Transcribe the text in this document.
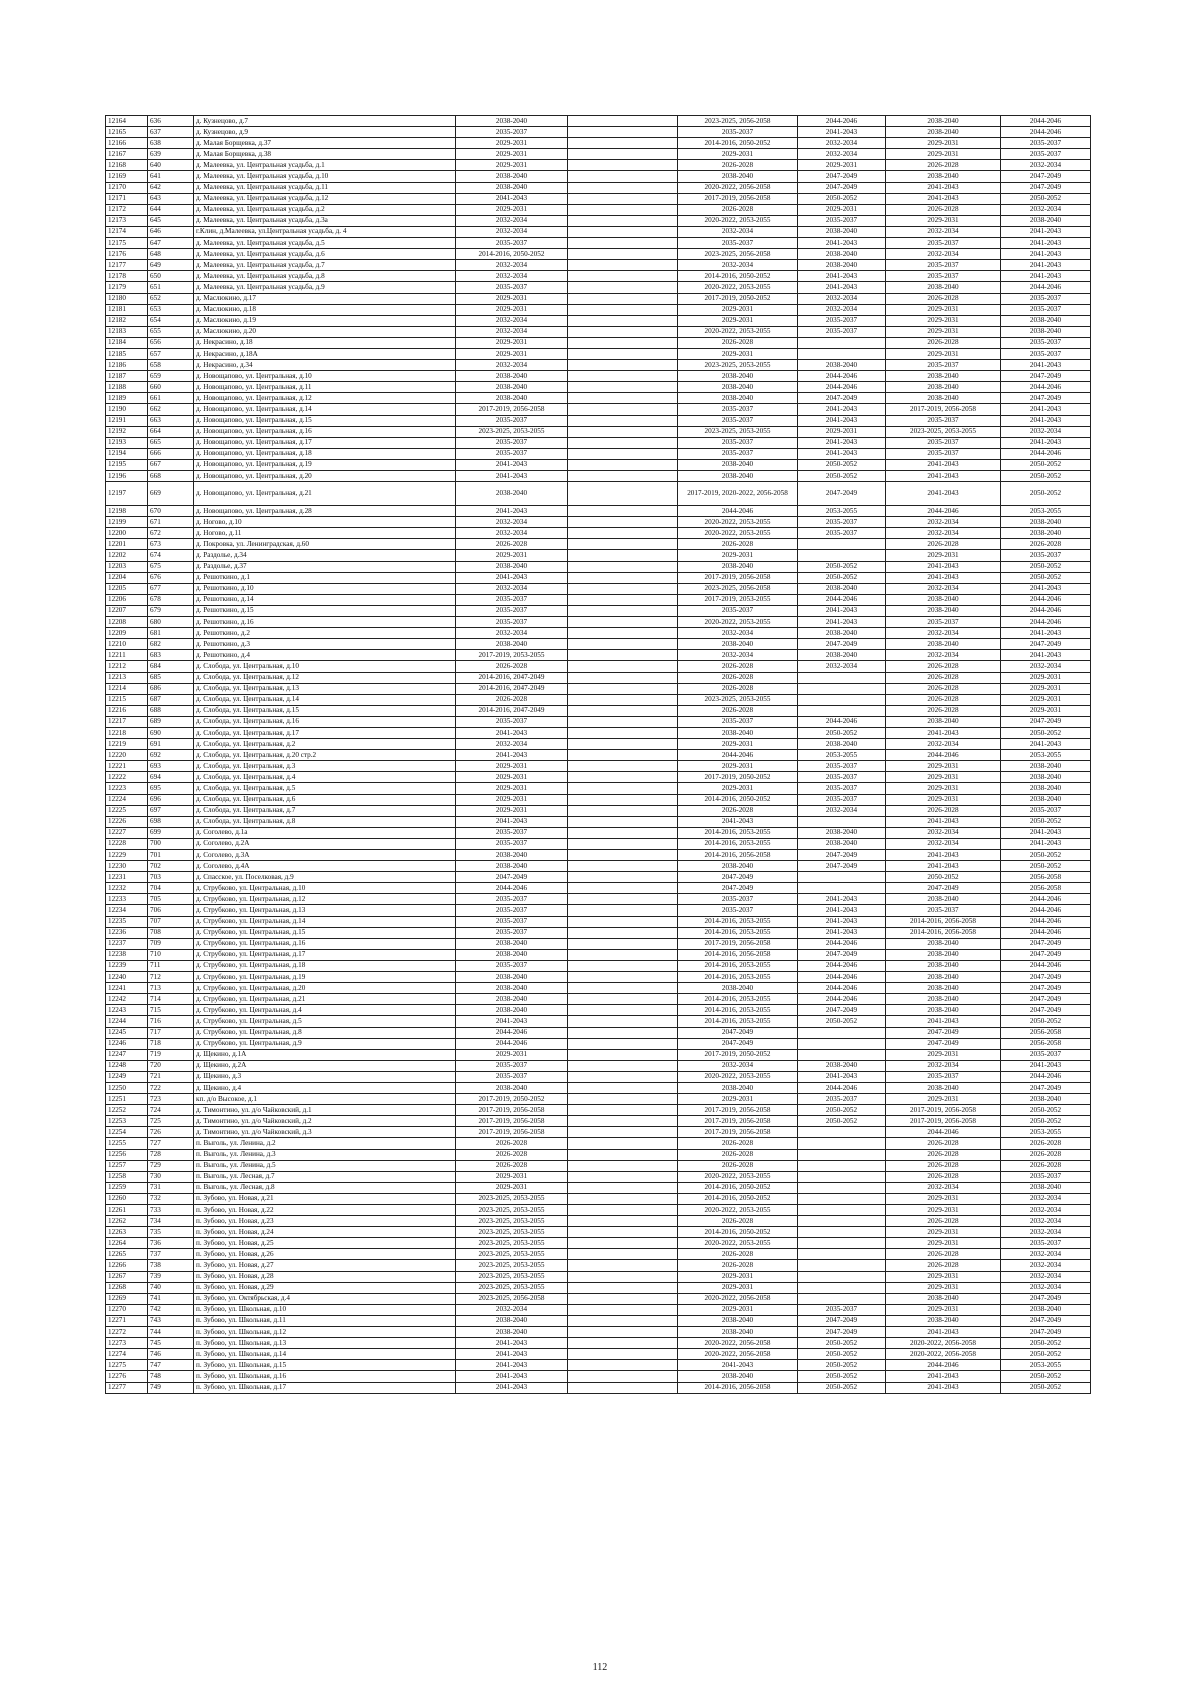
12164	636	д. Кузнецово, д.7	2038-2040		2023-2025, 2056-2058	2044-2046	2038-2040	2044-2046
12165	637	д. Кузнецово, д.9	2035-2037		2035-2037	2041-2043	2038-2040	2044-2046
12166	638	д. Малая Борщевка, д.37	2029-2031		2014-2016, 2050-2052	2032-2034	2029-2031	2035-2037
12167	639	д. Малая Борщевка, д.38	2029-2031		2029-2031	2032-2034	2029-2031	2035-2037
12168	640	д. Малеевка, ул. Центральная усадьба, д.1	2029-2031		2026-2028	2029-2031	2026-2028	2032-2034
12169	641	д. Малеевка, ул. Центральная усадьба, д.10	2038-2040		2038-2040	2047-2049	2038-2040	2047-2049
12170	642	д. Малеевка, ул. Центральная усадьба, д.11	2038-2040		2020-2022, 2056-2058	2047-2049	2041-2043	2047-2049
12171	643	д. Малеевка, ул. Центральная усадьба, д.12	2041-2043		2017-2019, 2056-2058	2050-2052	2041-2043	2050-2052
12172	644	д. Малеевка, ул. Центральная усадьба, д.2	2029-2031		2026-2028	2029-2031	2026-2028	2032-2034
12173	645	д. Малеевка, ул. Центральная усадьба, д.3а	2032-2034		2020-2022, 2053-2055	2035-2037	2029-2031	2038-2040
12174	646	г.Клин, д.Малеевка, ул.Центральная усадьба, д. 4	2032-2034		2032-2034	2038-2040	2032-2034	2041-2043
12175	647	д. Малеевка, ул. Центральная усадьба, д.5	2035-2037		2035-2037	2041-2043	2035-2037	2041-2043
12176	648	д. Малеевка, ул. Центральная усадьба, д.6	2014-2016, 2050-2052		2023-2025, 2056-2058	2038-2040	2032-2034	2041-2043
12177	649	д. Малеевка, ул. Центральная усадьба, д.7	2032-2034		2032-2034	2038-2040	2035-2037	2041-2043
12178	650	д. Малеевка, ул. Центральная усадьба, д.8	2032-2034		2014-2016, 2050-2052	2041-2043	2035-2037	2041-2043
12179	651	д. Малеевка, ул. Центральная усадьба, д.9	2035-2037		2020-2022, 2053-2055	2041-2043	2038-2040	2044-2046
12180	652	д. Маслюкино, д.17	2029-2031		2017-2019, 2050-2052	2032-2034	2026-2028	2035-2037
12181	653	д. Маслюкино, д.18	2029-2031		2029-2031	2032-2034	2029-2031	2035-2037
12182	654	д. Маслюкино, д.19	2032-2034		2029-2031	2035-2037	2029-2031	2038-2040
12183	655	д. Маслюкино, д.20	2032-2034		2020-2022, 2053-2055	2035-2037	2029-2031	2038-2040
12184	656	д. Некрасино, д.18	2029-2031		2026-2028		2026-2028	2035-2037
12185	657	д. Некрасино, д.18А	2029-2031		2029-2031		2029-2031	2035-2037
12186	658	д. Некрасино, д.34	2032-2034		2023-2025, 2053-2055	2038-2040	2035-2037	2041-2043
12187	659	д. Новощапово, ул. Центральная, д.10	2038-2040		2038-2040	2044-2046	2038-2040	2047-2049
12188	660	д. Новощапово, ул. Центральная, д.11	2038-2040		2038-2040	2044-2046	2038-2040	2044-2046
12189	661	д. Новощапово, ул. Центральная, д.12	2038-2040		2038-2040	2047-2049	2038-2040	2047-2049
12190	662	д. Новощапово, ул. Центральная, д.14	2017-2019, 2056-2058		2035-2037	2041-2043	2017-2019, 2056-2058	2041-2043
12191	663	д. Новощапово, ул. Центральная, д.15	2035-2037		2035-2037	2041-2043	2035-2037	2041-2043
12192	664	д. Новощапово, ул. Центральная, д.16	2023-2025, 2053-2055		2023-2025, 2053-2055	2029-2031	2023-2025, 2053-2055	2032-2034
12193	665	д. Новощапово, ул. Центральная, д.17	2035-2037		2035-2037	2041-2043	2035-2037	2041-2043
12194	666	д. Новощапово, ул. Центральная, д.18	2035-2037		2035-2037	2041-2043	2035-2037	2044-2046
12195	667	д. Новощапово, ул. Центральная, д.19	2041-2043		2038-2040	2050-2052	2041-2043	2050-2052
12196	668	д. Новощапово, ул. Центральная, д.20	2041-2043		2038-2040	2050-2052	2041-2043	2050-2052
12197	669	д. Новощапово, ул. Центральная, д.21	2038-2040		2017-2019, 2020-2022, 2056-2058	2047-2049	2041-2043	2050-2052
12198	670	д. Новощапово, ул. Центральная, д.28	2041-2043		2044-2046	2053-2055	2044-2046	2053-2055
12199	671	д. Ногово, д.10	2032-2034		2020-2022, 2053-2055	2035-2037	2032-2034	2038-2040
12200	672	д. Ногово, д.11	2032-2034		2020-2022, 2053-2055	2035-2037	2032-2034	2038-2040
12201	673	д. Покровка, ул. Ленинградская, д.60	2026-2028		2026-2028		2026-2028	2026-2028
12202	674	д. Раздолье, д.34	2029-2031		2029-2031		2029-2031	2035-2037
12203	675	д. Раздолье, д.37	2038-2040		2038-2040	2050-2052	2041-2043	2050-2052
12204	676	д. Решоткино, д.1	2041-2043		2017-2019, 2056-2058	2050-2052	2041-2043	2050-2052
12205	677	д. Решоткино, д.10	2032-2034		2023-2025, 2056-2058	2038-2040	2032-2034	2041-2043
12206	678	д. Решоткино, д.14	2035-2037		2017-2019, 2053-2055	2044-2046	2038-2040	2044-2046
12207	679	д. Решоткино, д.15	2035-2037		2035-2037	2041-2043	2038-2040	2044-2046
12208	680	д. Решоткино, д.16	2035-2037		2020-2022, 2053-2055	2041-2043	2035-2037	2044-2046
12209	681	д. Решоткино, д.2	2032-2034		2032-2034	2038-2040	2032-2034	2041-2043
12210	682	д. Решоткино, д.3	2038-2040		2038-2040	2047-2049	2038-2040	2047-2049
12211	683	д. Решоткино, д.4	2017-2019, 2053-2055		2032-2034	2038-2040	2032-2034	2041-2043
12212	684	д. Слобода, ул. Центральная, д.10	2026-2028		2026-2028	2032-2034	2026-2028	2032-2034
12213	685	д. Слобода, ул. Центральная, д.12	2014-2016, 2047-2049		2026-2028		2026-2028	2029-2031
12214	686	д. Слобода, ул. Центральная, д.13	2014-2016, 2047-2049		2026-2028		2026-2028	2029-2031
12215	687	д. Слобода, ул. Центральная, д.14	2026-2028		2023-2025, 2053-2055		2026-2028	2029-2031
12216	688	д. Слобода, ул. Центральная, д.15	2014-2016, 2047-2049		2026-2028		2026-2028	2029-2031
12217	689	д. Слобода, ул. Центральная, д.16	2035-2037		2035-2037	2044-2046	2038-2040	2047-2049
12218	690	д. Слобода, ул. Центральная, д.17	2041-2043		2038-2040	2050-2052	2041-2043	2050-2052
12219	691	д. Слобода, ул. Центральная, д.2	2032-2034		2029-2031	2038-2040	2032-2034	2041-2043
12220	692	д. Слобода, ул. Центральная, д.20 стр.2	2041-2043		2044-2046	2053-2055	2044-2046	2053-2055
12221	693	д. Слобода, ул. Центральная, д.3	2029-2031		2029-2031	2035-2037	2029-2031	2038-2040
12222	694	д. Слобода, ул. Центральная, д.4	2029-2031		2017-2019, 2050-2052	2035-2037	2029-2031	2038-2040
12223	695	д. Слобода, ул. Центральная, д.5	2029-2031		2029-2031	2035-2037	2029-2031	2038-2040
12224	696	д. Слобода, ул. Центральная, д.6	2029-2031		2014-2016, 2050-2052	2035-2037	2029-2031	2038-2040
12225	697	д. Слобода, ул. Центральная, д.7	2029-2031		2026-2028	2032-2034	2026-2028	2035-2037
12226	698	д. Слобода, ул. Центральная, д.8	2041-2043		2041-2043		2041-2043	2050-2052
12227	699	д. Соголево, д.1а	2035-2037		2014-2016, 2053-2055	2038-2040	2032-2034	2041-2043
12228	700	д. Соголево, д.2А	2035-2037		2014-2016, 2053-2055	2038-2040	2032-2034	2041-2043
12229	701	д. Соголево, д.3А	2038-2040		2014-2016, 2056-2058	2047-2049	2041-2043	2050-2052
12230	702	д. Соголево, д.4А	2038-2040		2038-2040	2047-2049	2041-2043	2050-2052
12231	703	д. Спасское, ул. Поселковая, д.9	2047-2049		2047-2049		2050-2052	2056-2058
12232	704	д. Струбково, ул. Центральная, д.10	2044-2046		2047-2049		2047-2049	2056-2058
12233	705	д. Струбково, ул. Центральная, д.12	2035-2037		2035-2037	2041-2043	2038-2040	2044-2046
12234	706	д. Струбково, ул. Центральная, д.13	2035-2037		2035-2037	2041-2043	2035-2037	2044-2046
12235	707	д. Струбково, ул. Центральная, д.14	2035-2037		2014-2016, 2053-2055	2041-2043	2014-2016, 2056-2058	2044-2046
12236	708	д. Струбково, ул. Центральная, д.15	2035-2037		2014-2016, 2053-2055	2041-2043	2014-2016, 2056-2058	2044-2046
12237	709	д. Струбково, ул. Центральная, д.16	2038-2040		2017-2019, 2056-2058	2044-2046	2038-2040	2047-2049
12238	710	д. Струбково, ул. Центральная, д.17	2038-2040		2014-2016, 2056-2058	2047-2049	2038-2040	2047-2049
12239	711	д. Струбково, ул. Центральная, д.18	2035-2037		2014-2016, 2053-2055	2044-2046	2038-2040	2044-2046
12240	712	д. Струбково, ул. Центральная, д.19	2038-2040		2014-2016, 2053-2055	2044-2046	2038-2040	2047-2049
12241	713	д. Струбково, ул. Центральная, д.20	2038-2040		2038-2040	2044-2046	2038-2040	2047-2049
12242	714	д. Струбково, ул. Центральная, д.21	2038-2040		2014-2016, 2053-2055	2044-2046	2038-2040	2047-2049
12243	715	д. Струбково, ул. Центральная, д.4	2038-2040		2014-2016, 2053-2055	2047-2049	2038-2040	2047-2049
12244	716	д. Струбково, ул. Центральная, д.5	2041-2043		2014-2016, 2053-2055	2050-2052	2041-2043	2050-2052
12245	717	д. Струбково, ул. Центральная, д.8	2044-2046		2047-2049		2047-2049	2056-2058
12246	718	д. Струбково, ул. Центральная, д.9	2044-2046		2047-2049		2047-2049	2056-2058
12247	719	д. Щекино, д.1А	2029-2031		2017-2019, 2050-2052		2029-2031	2035-2037
12248	720	д. Щекино, д.2А	2035-2037		2032-2034	2038-2040	2032-2034	2041-2043
12249	721	д. Щекино, д.3	2035-2037		2020-2022, 2053-2055	2041-2043	2035-2037	2044-2046
12250	722	д. Щекино, д.4	2038-2040		2038-2040	2044-2046	2038-2040	2047-2049
12251	723	кп. д/о Высокое, д.1	2017-2019, 2050-2052		2029-2031	2035-2037	2029-2031	2038-2040
12252	724	д. Тимонтино, ул. д/о Чайковский, д.1	2017-2019, 2056-2058		2017-2019, 2056-2058	2050-2052	2017-2019, 2056-2058	2050-2052
12253	725	д. Тимонтино, ул. д/о Чайковский, д.2	2017-2019, 2056-2058		2017-2019, 2056-2058	2050-2052	2017-2019, 2056-2058	2050-2052
12254	726	д. Тимонтино, ул. д/о Чайковский, д.3	2017-2019, 2056-2058		2017-2019, 2056-2058		2044-2046	2053-2055
12255	727	п. Выголь, ул. Ленина, д.2	2026-2028		2026-2028		2026-2028	2026-2028
12256	728	п. Выголь, ул. Ленина, д.3	2026-2028		2026-2028		2026-2028	2026-2028
12257	729	п. Выголь, ул. Ленина, д.5	2026-2028		2026-2028		2026-2028	2026-2028
12258	730	п. Выголь, ул. Лесная, д.7	2029-2031		2020-2022, 2053-2055		2026-2028	2035-2037
12259	731	п. Выголь, ул. Лесная, д.8	2029-2031		2014-2016, 2050-2052		2032-2034	2038-2040
12260	732	п. Зубово, ул. Новая, д.21	2023-2025, 2053-2055		2014-2016, 2050-2052		2029-2031	2032-2034
12261	733	п. Зубово, ул. Новая, д.22	2023-2025, 2053-2055		2020-2022, 2053-2055		2029-2031	2032-2034
12262	734	п. Зубово, ул. Новая, д.23	2023-2025, 2053-2055		2026-2028		2026-2028	2032-2034
12263	735	п. Зубово, ул. Новая, д.24	2023-2025, 2053-2055		2014-2016, 2050-2052		2029-2031	2032-2034
12264	736	п. Зубово, ул. Новая, д.25	2023-2025, 2053-2055		2020-2022, 2053-2055		2029-2031	2035-2037
12265	737	п. Зубово, ул. Новая, д.26	2023-2025, 2053-2055		2026-2028		2026-2028	2032-2034
12266	738	п. Зубово, ул. Новая, д.27	2023-2025, 2053-2055		2026-2028		2026-2028	2032-2034
12267	739	п. Зубово, ул. Новая, д.28	2023-2025, 2053-2055		2029-2031		2029-2031	2032-2034
12268	740	п. Зубово, ул. Новая, д.29	2023-2025, 2053-2055		2029-2031		2029-2031	2032-2034
12269	741	п. Зубово, ул. Октябрьская, д.4	2023-2025, 2056-2058		2020-2022, 2056-2058		2038-2040	2047-2049
12270	742	п. Зубово, ул. Школьная, д.10	2032-2034		2029-2031	2035-2037	2029-2031	2038-2040
12271	743	п. Зубово, ул. Школьная, д.11	2038-2040		2038-2040	2047-2049	2038-2040	2047-2049
12272	744	п. Зубово, ул. Школьная, д.12	2038-2040		2038-2040	2047-2049	2041-2043	2047-2049
12273	745	п. Зубово, ул. Школьная, д.13	2041-2043		2020-2022, 2056-2058	2050-2052	2020-2022, 2056-2058	2050-2052
12274	746	п. Зубово, ул. Школьная, д.14	2041-2043		2020-2022, 2056-2058	2050-2052	2020-2022, 2056-2058	2050-2052
12275	747	п. Зубово, ул. Школьная, д.15	2041-2043		2041-2043	2050-2052	2044-2046	2053-2055
12276	748	п. Зубово, ул. Школьная, д.16	2041-2043		2038-2040	2050-2052	2041-2043	2050-2052
12277	749	п. Зубово, ул. Школьная, д.17	2041-2043		2014-2016, 2056-2058	2050-2052	2041-2043	2050-2052
112
